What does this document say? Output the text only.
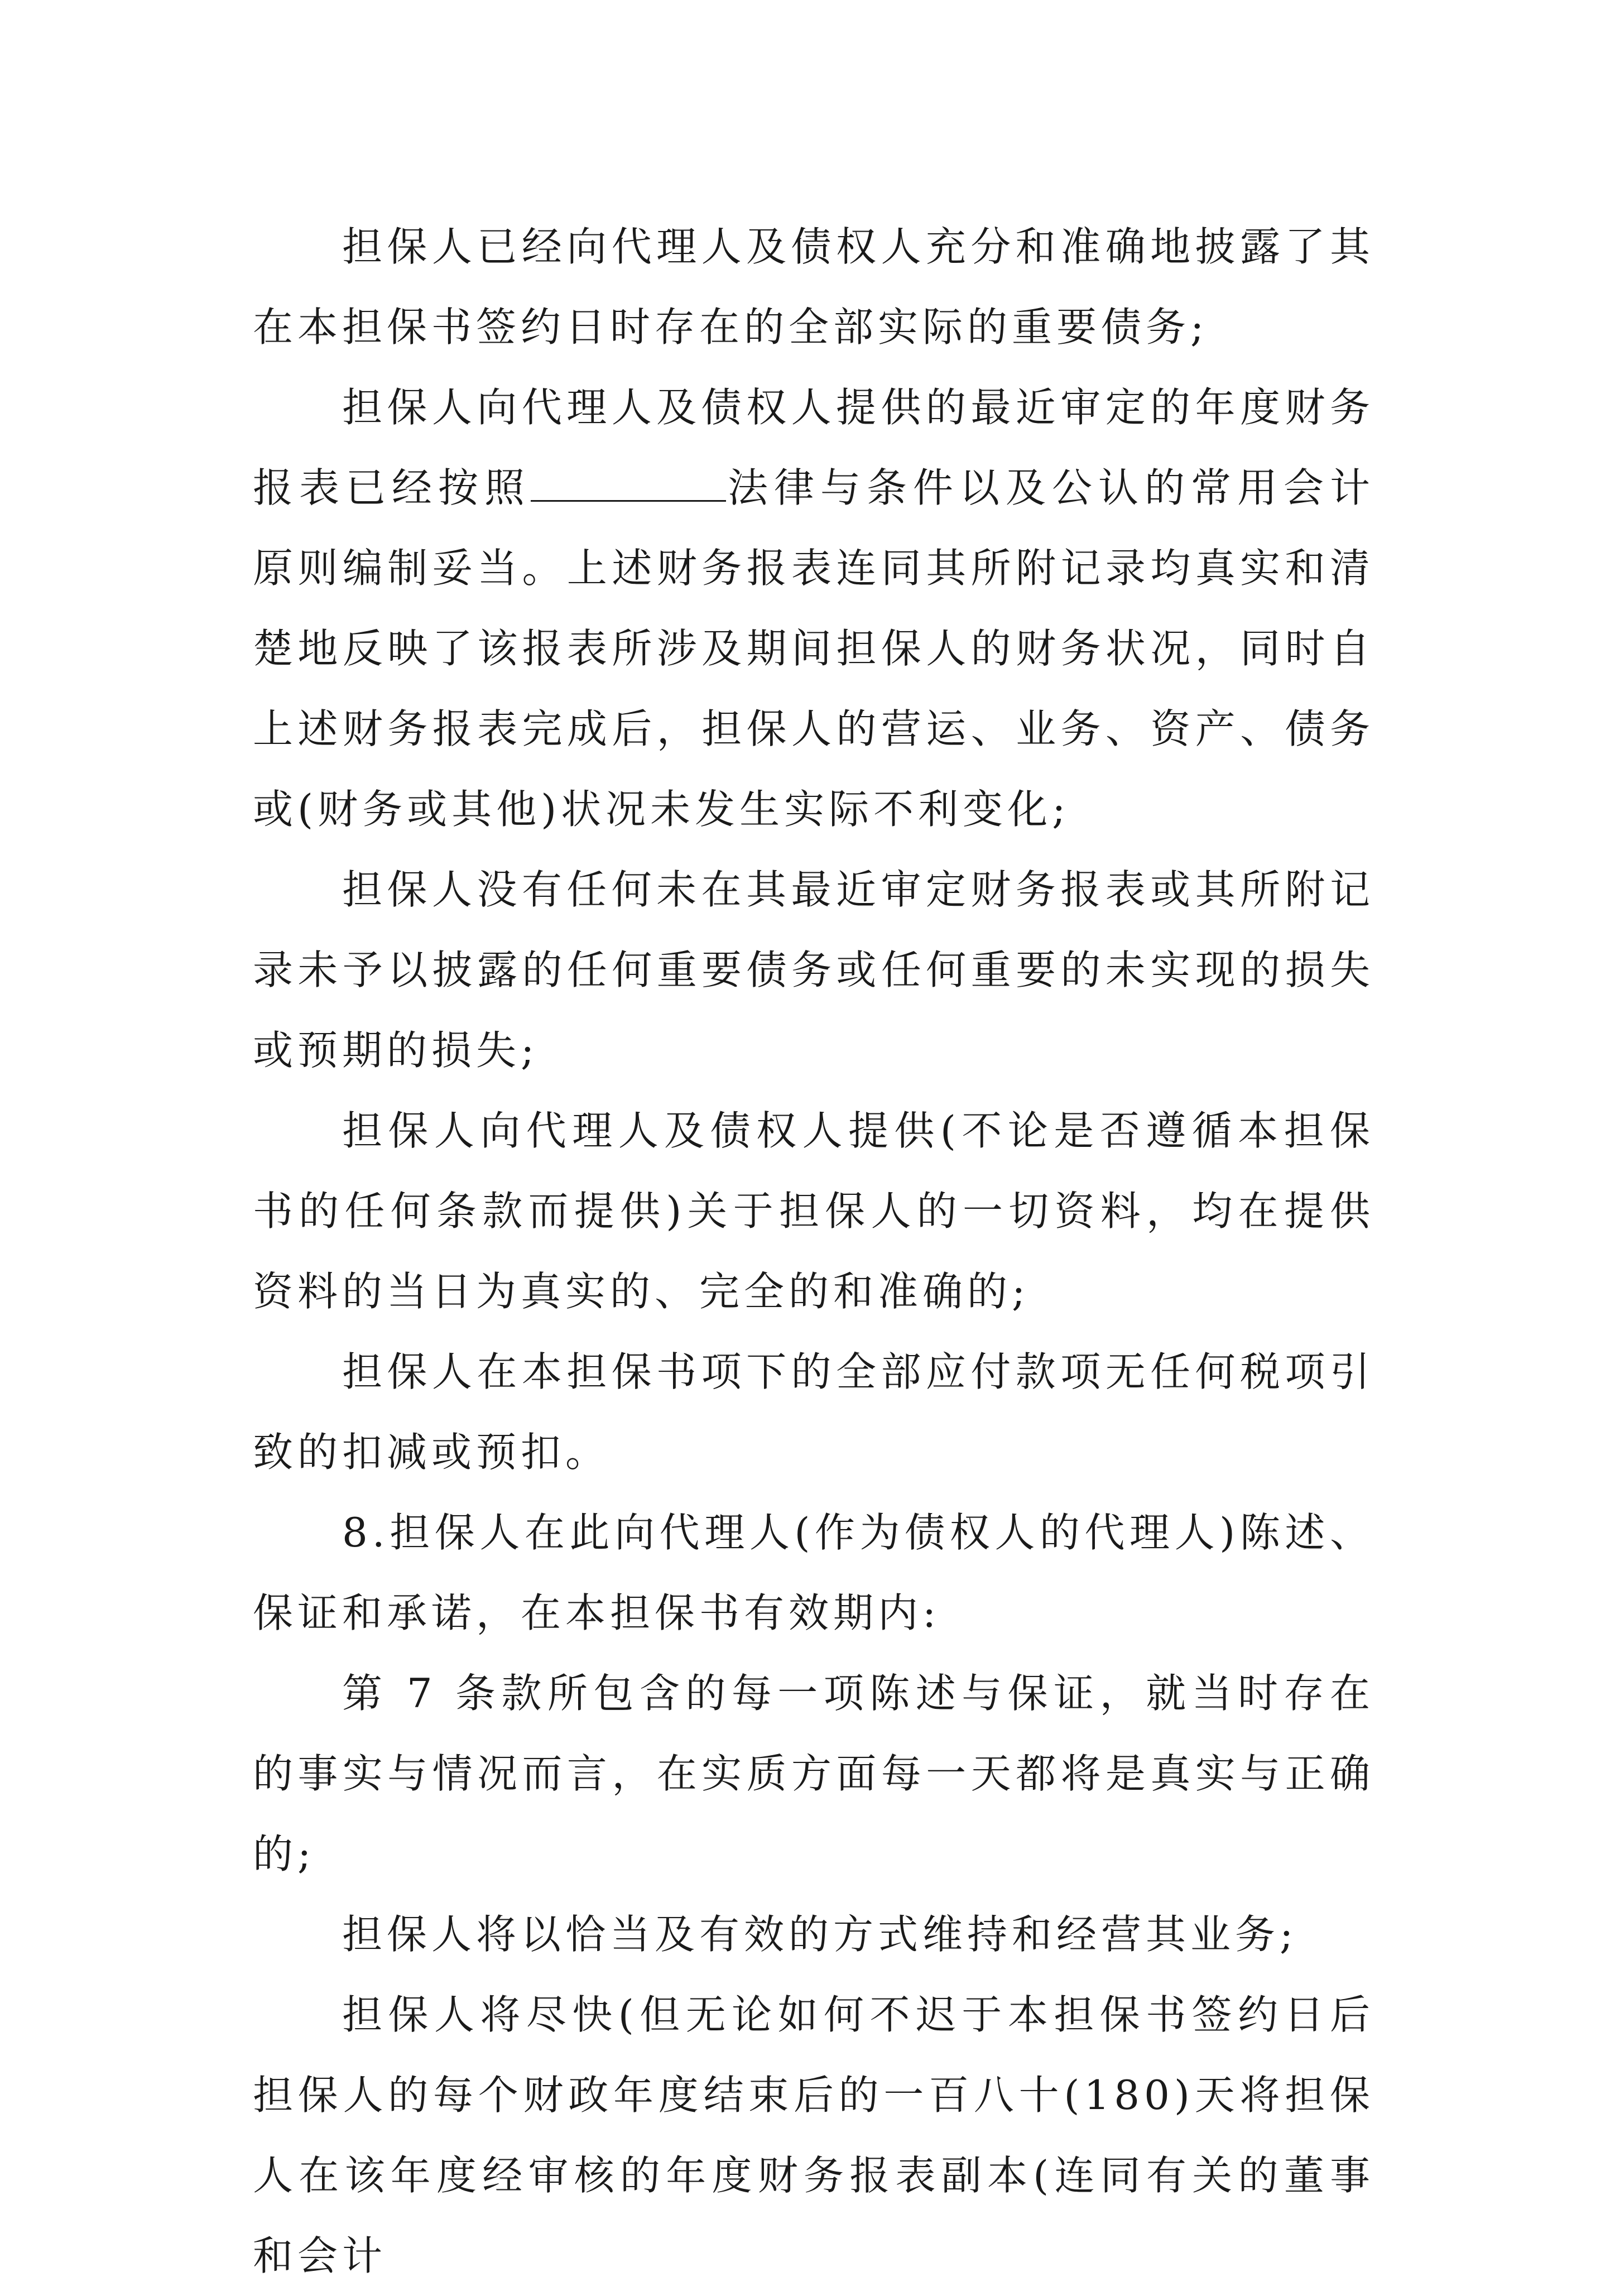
担保人已经向代理人及债权人充分和准确地披露了其在本担保书签约日时存在的全部实际的重要债务;

担保人向代理人及债权人提供的最近审定的年度财务报表已经按照	法律与条件以及公认的常用会计原则编制妥当。上述财务报表连同其所附记录均真实和清楚地反映了该报表所涉及期间担保人的财务状况，同时自上述财务报表完成后，担保人的营运、业务、资产、债务或(财务或其他)状况未发生实际不利变化;

担保人没有任何未在其最近审定财务报表或其所附记录未予以披露的任何重要债务或任何重要的未实现的损失或预期的损失;

担保人向代理人及债权人提供(不论是否遵循本担保书的任何条款而提供)关于担保人的一切资料，均在提供资料的当日为真实的、完全的和准确的;

担保人在本担保书项下的全部应付款项无任何税项引致的扣减或预扣。

8.担保人在此向代理人(作为债权人的代理人)陈述、保证和承诺，在本担保书有效期内:

第 7 条款所包含的每一项陈述与保证，就当时存在的事实与情况而言，在实质方面每一天都将是真实与正确的;

担保人将以恰当及有效的方式维持和经营其业务;

担保人将尽快(但无论如何不迟于本担保书签约日后担保人的每个财政年度结束后的一百八十(180)天将担保人在该年度经审核的年度财务报表副本(连同有关的董事和会计
